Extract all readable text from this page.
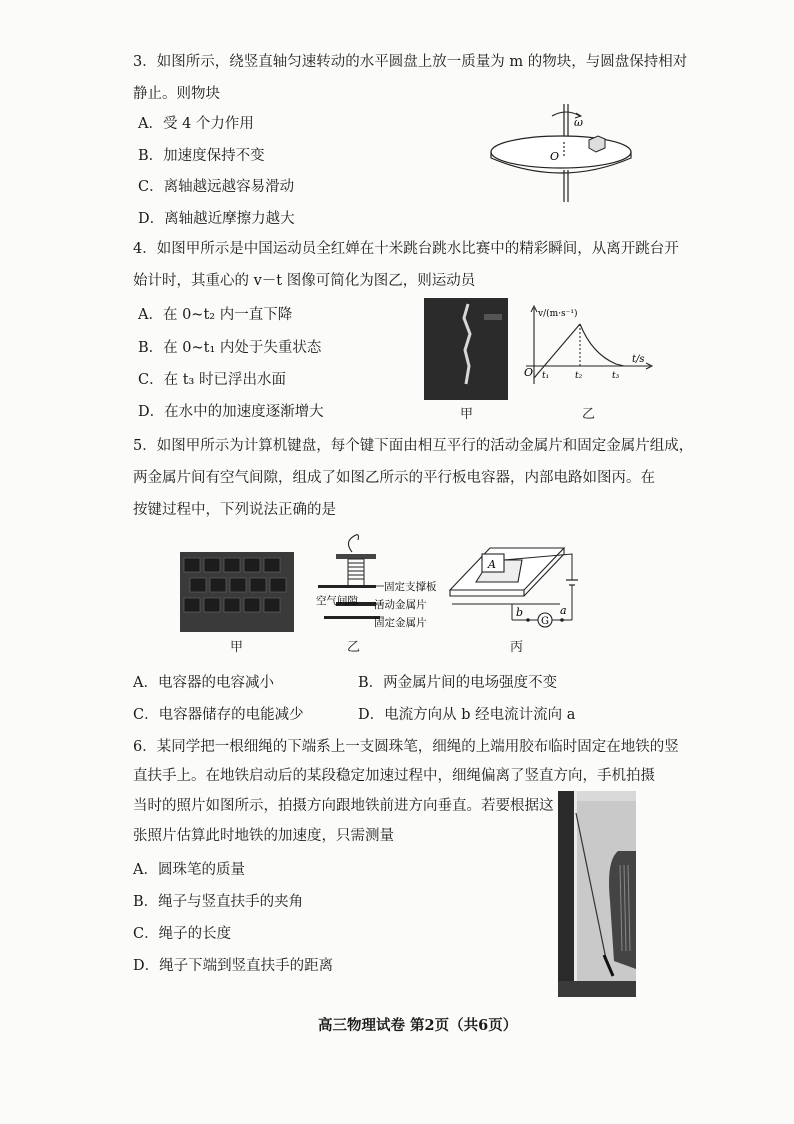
3．如图所示，绕竖直轴匀速转动的水平圆盘上放一质量为 m 的物块，与圆盘保持相对
静止。则物块
A．受 4 个力作用
B．加速度保持不变
C．离轴越远越容易滑动
D．离轴越近摩擦力越大
ω
O
4．如图甲所示是中国运动员全红婵在十米跳台跳水比赛中的精彩瞬间，从离开跳台开
始计时，其重心的 v－t 图像可简化为图乙，则运动员
A．在 0~t₂ 内一直下降
B．在 0~t₁ 内处于失重状态
C．在 t₃ 时已浮出水面
D．在水中的加速度逐渐增大	甲
v/(m·s⁻¹)
t/s
O t₁	t₂	t₃
乙
5．如图甲所示为计算机键盘，每个键下面由相互平行的活动金属片和固定金属片组成，
两金属片间有空气间隙，组成了如图乙所示的平行板电容器，内部电路如图丙。在
按键过程中，下列说法正确的是
甲
固定支撑板
空气间隙 活动金属片
固定金属片
乙
A
G
b	a
丙
A．电容器的电容减小	B．两金属片间的电场强度不变
C．电容器储存的电能减少	D．电流方向从 b 经电流计流向 a
6．某同学把一根细绳的下端系上一支圆珠笔，细绳的上端用胶布临时固定在地铁的竖
直扶手上。在地铁启动后的某段稳定加速过程中，细绳偏离了竖直方向，手机拍摄
当时的照片如图所示，拍摄方向跟地铁前进方向垂直。若要根据这
张照片估算此时地铁的加速度，只需测量
A．圆珠笔的质量
B．绳子与竖直扶手的夹角
C．绳子的长度
D．绳子下端到竖直扶手的距离
高三物理试卷 第2页（共6页）
